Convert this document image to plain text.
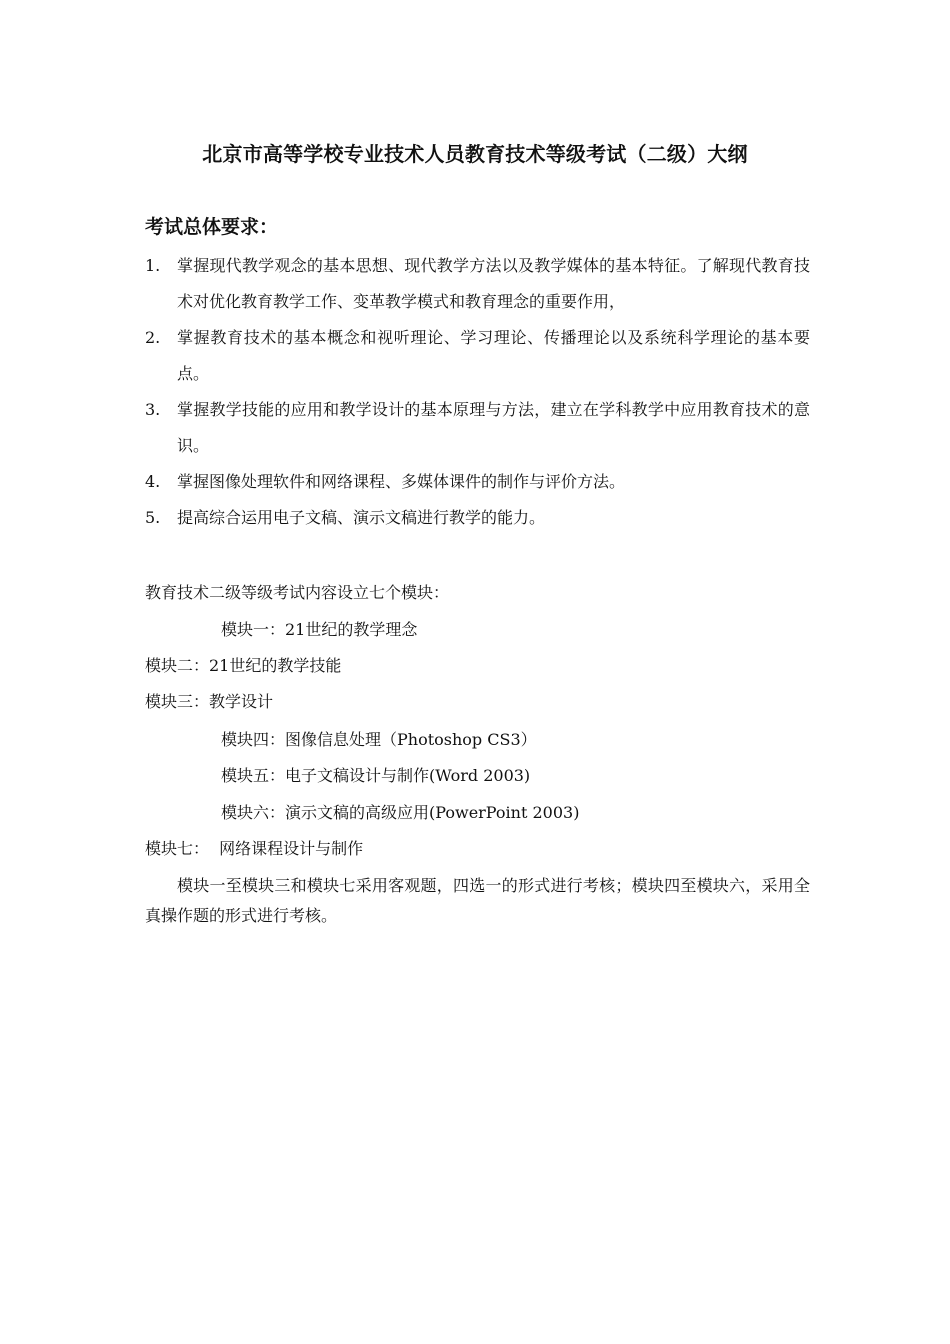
北京市高等学校专业技术人员教育技术等级考试（二级）大纲
考试总体要求：
1.	掌握现代教学观念的基本思想、现代教学方法以及教学媒体的基本特征。了解现代教育技术对优化教育教学工作、变革教学模式和教育理念的重要作用，
2.	掌握教育技术的基本概念和视听理论、学习理论、传播理论以及系统科学理论的基本要点。
3.	掌握教学技能的应用和教学设计的基本原理与方法，建立在学科教学中应用教育技术的意识。
4.	掌握图像处理软件和网络课程、多媒体课件的制作与评价方法。
5.	提高综合运用电子文稿、演示文稿进行教学的能力。
教育技术二级等级考试内容设立七个模块：
模块一：21世纪的教学理念
模块二：21世纪的教学技能
模块三：教学设计
模块四：图像信息处理（Photoshop CS3）
模块五：电子文稿设计与制作(Word 2003)
模块六：演示文稿的高级应用(PowerPoint 2003)
模块七：  网络课程设计与制作
模块一至模块三和模块七采用客观题，四选一的形式进行考核；模块四至模块六，采用全真操作题的形式进行考核。
